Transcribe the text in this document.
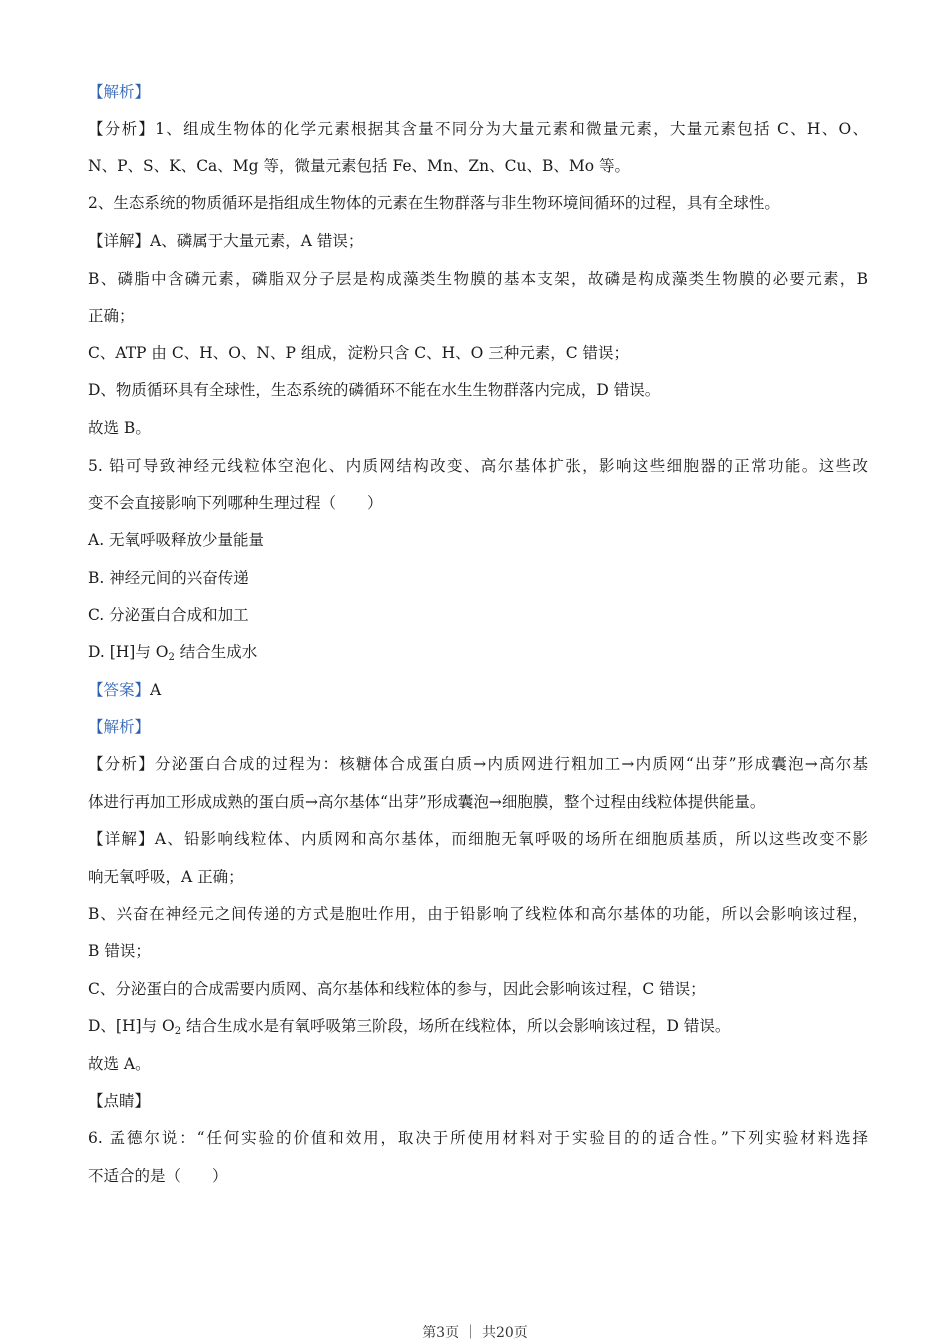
【解析】
【分析】1、组成生物体的化学元素根据其含量不同分为大量元素和微量元素，大量元素包括 C、H、O、
N、P、S、K、Ca、Mg 等，微量元素包括 Fe、Mn、Zn、Cu、B、Mo 等。
2、生态系统的物质循环是指组成生物体的元素在生物群落与非生物环境间循环的过程，具有全球性。
【详解】A、磷属于大量元素，A 错误；
B、磷脂中含磷元素，磷脂双分子层是构成藻类生物膜的基本支架，故磷是构成藻类生物膜的必要元素，B
正确；
C、ATP 由 C、H、O、N、P 组成，淀粉只含 C、H、O 三种元素，C 错误；
D、物质循环具有全球性，生态系统的磷循环不能在水生生物群落内完成，D 错误。
故选 B。
5. 铅可导致神经元线粒体空泡化、内质网结构改变、高尔基体扩张，影响这些细胞器的正常功能。这些改
变不会直接影响下列哪种生理过程（　　）
A. 无氧呼吸释放少量能量
B. 神经元间的兴奋传递
C. 分泌蛋白合成和加工
D. [H]与 $O_2$ 结合生成水
【答案】A
【解析】
【分析】分泌蛋白合成的过程为：核糖体合成蛋白质→内质网进行粗加工→内质网“出芽”形成囊泡→高尔基
体进行再加工形成成熟的蛋白质→高尔基体“出芽”形成囊泡→细胞膜，整个过程由线粒体提供能量。
【详解】A、铅影响线粒体、内质网和高尔基体，而细胞无氧呼吸的场所在细胞质基质，所以这些改变不影
响无氧呼吸，A 正确；
B、兴奋在神经元之间传递的方式是胞吐作用，由于铅影响了线粒体和高尔基体的功能，所以会影响该过程，
B 错误；
C、分泌蛋白的合成需要内质网、高尔基体和线粒体的参与，因此会影响该过程，C 错误；
D、[H]与 $O_2$ 结合生成水是有氧呼吸第三阶段，场所在线粒体，所以会影响该过程，D 错误。
故选 A。
【点睛】
6. 孟德尔说：“任何实验的价值和效用，取决于所使用材料对于实验目的的适合性。”下列实验材料选择
不适合的是（　　）
第3页 ｜ 共20页
